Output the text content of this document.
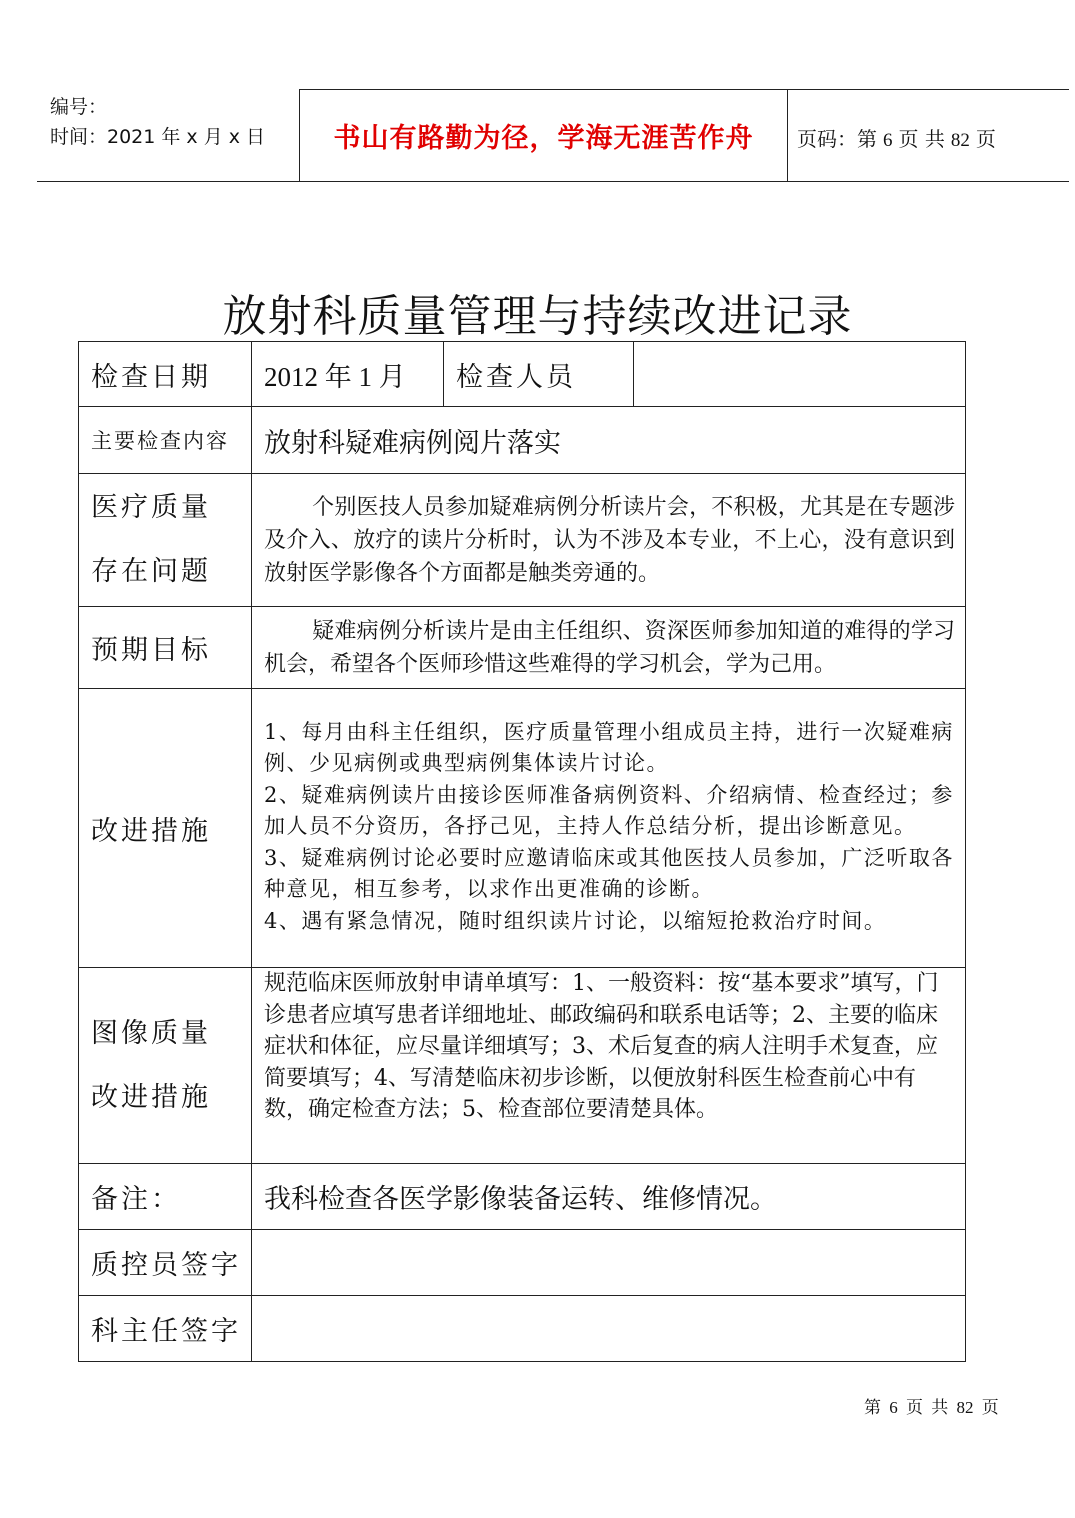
编号：
时间：2021 年 x 月 x 日	书山有路勤为径，学海无涯苦作舟	页码：第 6 页 共 82 页
放射科质量管理与持续改进记录
检查日期	2012 年 1 月	检查人员	
主要检查内容	放射科疑难病例阅片落实		

医疗质量
存在问题	个别医技人员参加疑难病例分析读片会，不积极，尤其是在专题涉及介入、放疗的读片分析时，认为不涉及本专业，不上心，没有意识到放射医学影像各个方面都是触类旁通的。		
预期目标	疑难病例分析读片是由主任组织、资深医师参加知道的难得的学习机会，希望各个医师珍惜这些难得的学习机会，学为己用。		
改进措施	1、每月由科主任组织，医疗质量管理小组成员主持，进行一次疑难病例、少见病例或典型病例集体读片讨论。

2、疑难病例读片由接诊医师准备病例资料、介绍病情、检查经过；参加人员不分资历，各抒己见，主持人作总结分析，提出诊断意见。

3、疑难病例讨论必要时应邀请临床或其他医技人员参加，广泛听取各种意见，相互参考，以求作出更准确的诊断。

4、遇有紧急情况，随时组织读片讨论，以缩短抢救治疗时间。		

图像质量
改进措施	规范临床医师放射申请单填写：1、一般资料：按“基本要求”填写，门诊患者应填写患者详细地址、邮政编码和联系电话等；2、主要的临床症状和体征，应尽量详细填写；3、术后复查的病人注明手术复查，应简要填写；4、写清楚临床初步诊断，以便放射科医生检查前心中有数，确定检查方法；5、检查部位要清楚具体。		
备注：	我科检查各医学影像装备运转、维修情况。		
质控员签字			
科主任签字			
第 6 页 共 82 页
